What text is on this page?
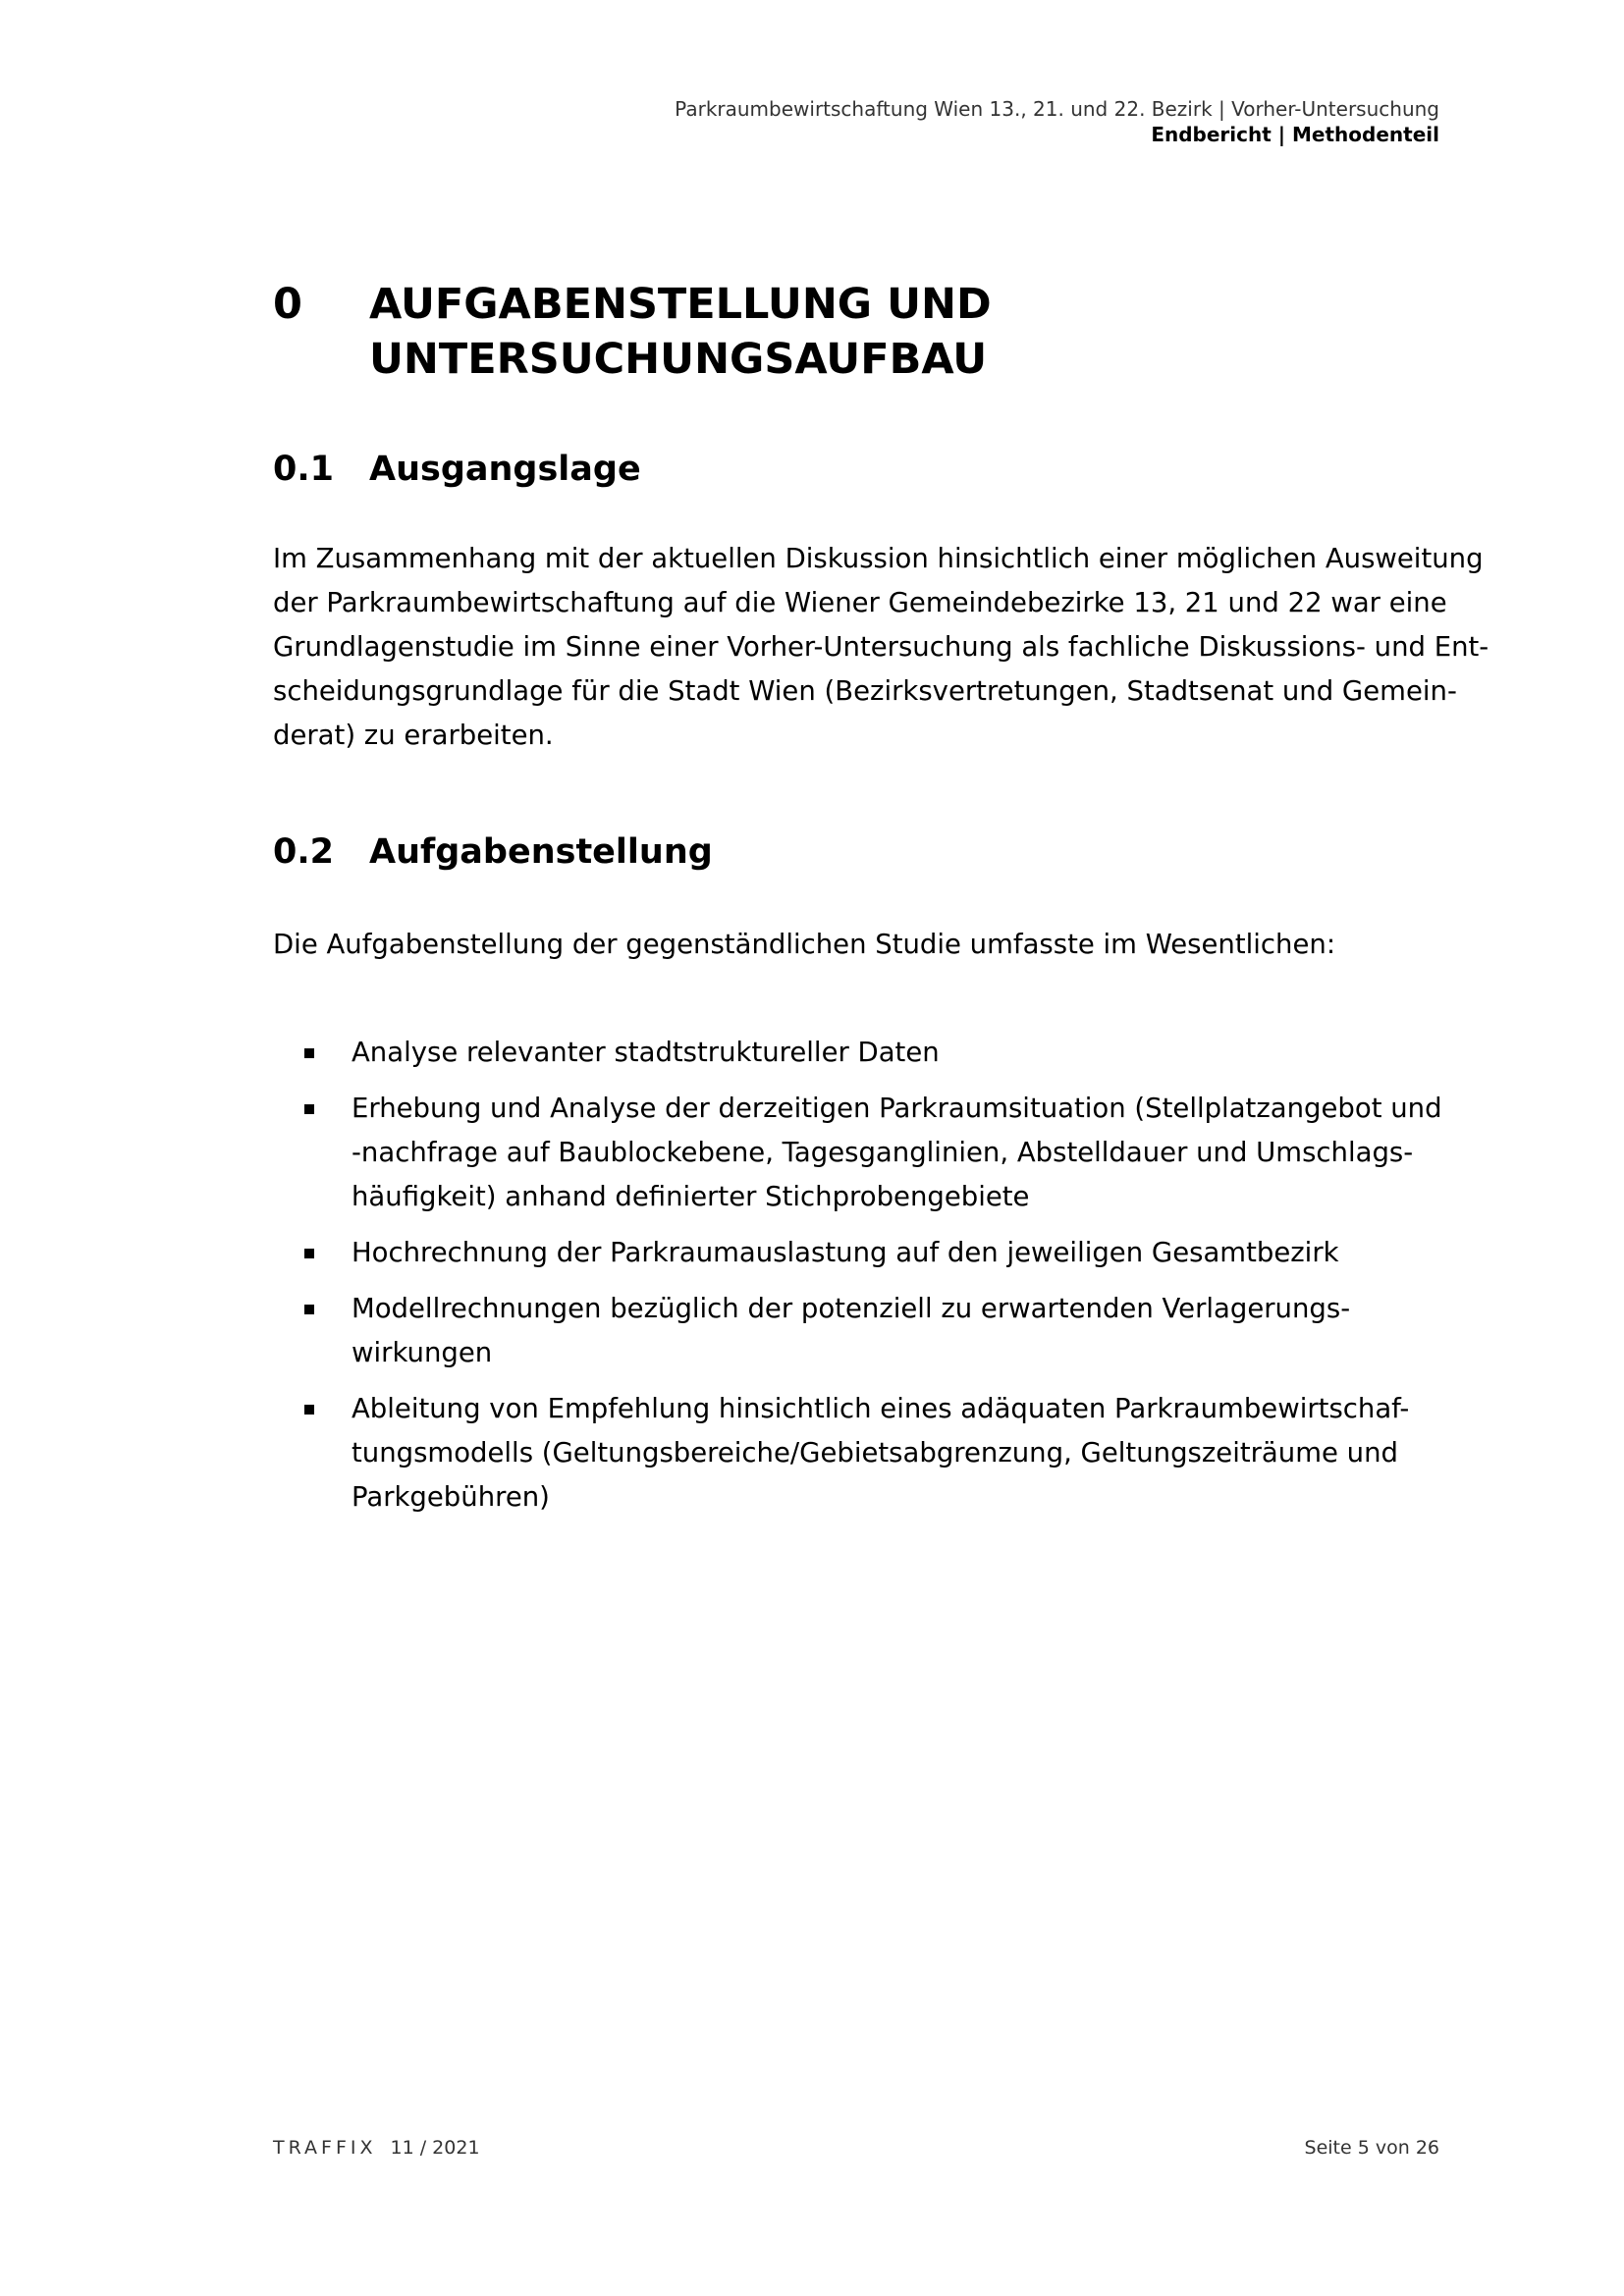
Parkraumbewirtschaftung Wien 13., 21. und 22. Bezirk | Vorher-Untersuchung
Endbericht | Methodenteil
0 AUFGABENSTELLUNG UND
UNTERSUCHUNGSAUFBAU
0.1 Ausgangslage
Im Zusammenhang mit der aktuellen Diskussion hinsichtlich einer möglichen Ausweitung
der Parkraumbewirtschaftung auf die Wiener Gemeindebezirke 13, 21 und 22 war eine
Grundlagenstudie im Sinne einer Vorher-Untersuchung als fachliche Diskussions- und Ent-
scheidungsgrundlage für die Stadt Wien (Bezirksvertretungen, Stadtsenat und Gemein-
derat) zu erarbeiten.
0.2 Aufgabenstellung
Die Aufgabenstellung der gegenständlichen Studie umfasste im Wesentlichen:
Analyse relevanter stadtstruktureller Daten
Erhebung und Analyse der derzeitigen Parkraumsituation (Stellplatzangebot und
-nachfrage auf Baublockebene, Tagesganglinien, Abstelldauer und Umschlags-
häufigkeit) anhand definierter Stichprobengebiete
Hochrechnung der Parkraumauslastung auf den jeweiligen Gesamtbezirk
Modellrechnungen bezüglich der potenziell zu erwartenden Verlagerungs-
wirkungen
Ableitung von Empfehlung hinsichtlich eines adäquaten Parkraumbewirtschaf-
tungsmodells (Geltungsbereiche/Gebietsabgrenzung, Geltungszeiträume und
Parkgebühren)
TRAFFIX 11 / 2021	Seite 5 von 26
